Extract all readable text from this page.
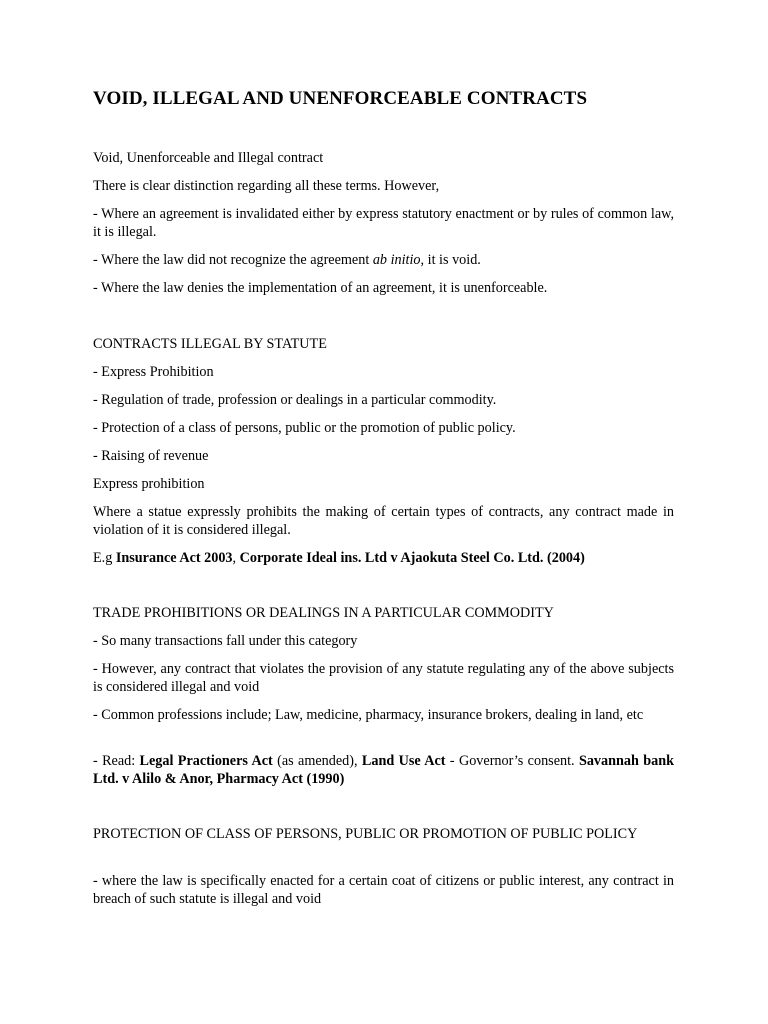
VOID, ILLEGAL AND UNENFORCEABLE CONTRACTS

Void, Unenforceable and Illegal contract

There is clear distinction regarding all these terms. However,

- Where an agreement is invalidated either by express statutory enactment or by rules of common law, it is illegal.

- Where the law did not recognize the agreement ab initio, it is void.

- Where the law denies the implementation of an agreement, it is unenforceable.

CONTRACTS ILLEGAL BY STATUTE

- Express Prohibition

- Regulation of trade, profession or dealings in a particular commodity.

- Protection of a class of persons, public or the promotion of public policy.

- Raising of revenue

Express prohibition

Where a statue expressly prohibits the making of certain types of contracts, any contract made in violation of it is considered illegal.

E.g Insurance Act 2003, Corporate Ideal ins. Ltd v Ajaokuta Steel Co. Ltd. (2004)

TRADE PROHIBITIONS OR DEALINGS IN A PARTICULAR COMMODITY

- So many transactions fall under this category

- However, any contract that violates the provision of any statute regulating any of the above subjects is considered illegal and void

- Common professions include; Law, medicine, pharmacy, insurance brokers, dealing in land, etc

- Read: Legal Practioners Act (as amended), Land Use Act - Governor’s consent. Savannah bank Ltd. v Alilo & Anor, Pharmacy Act (1990)

PROTECTION OF CLASS OF PERSONS, PUBLIC OR PROMOTION OF PUBLIC POLICY

- where the law is specifically enacted for a certain coat of citizens or public interest, any contract in breach of such statute is illegal and void
